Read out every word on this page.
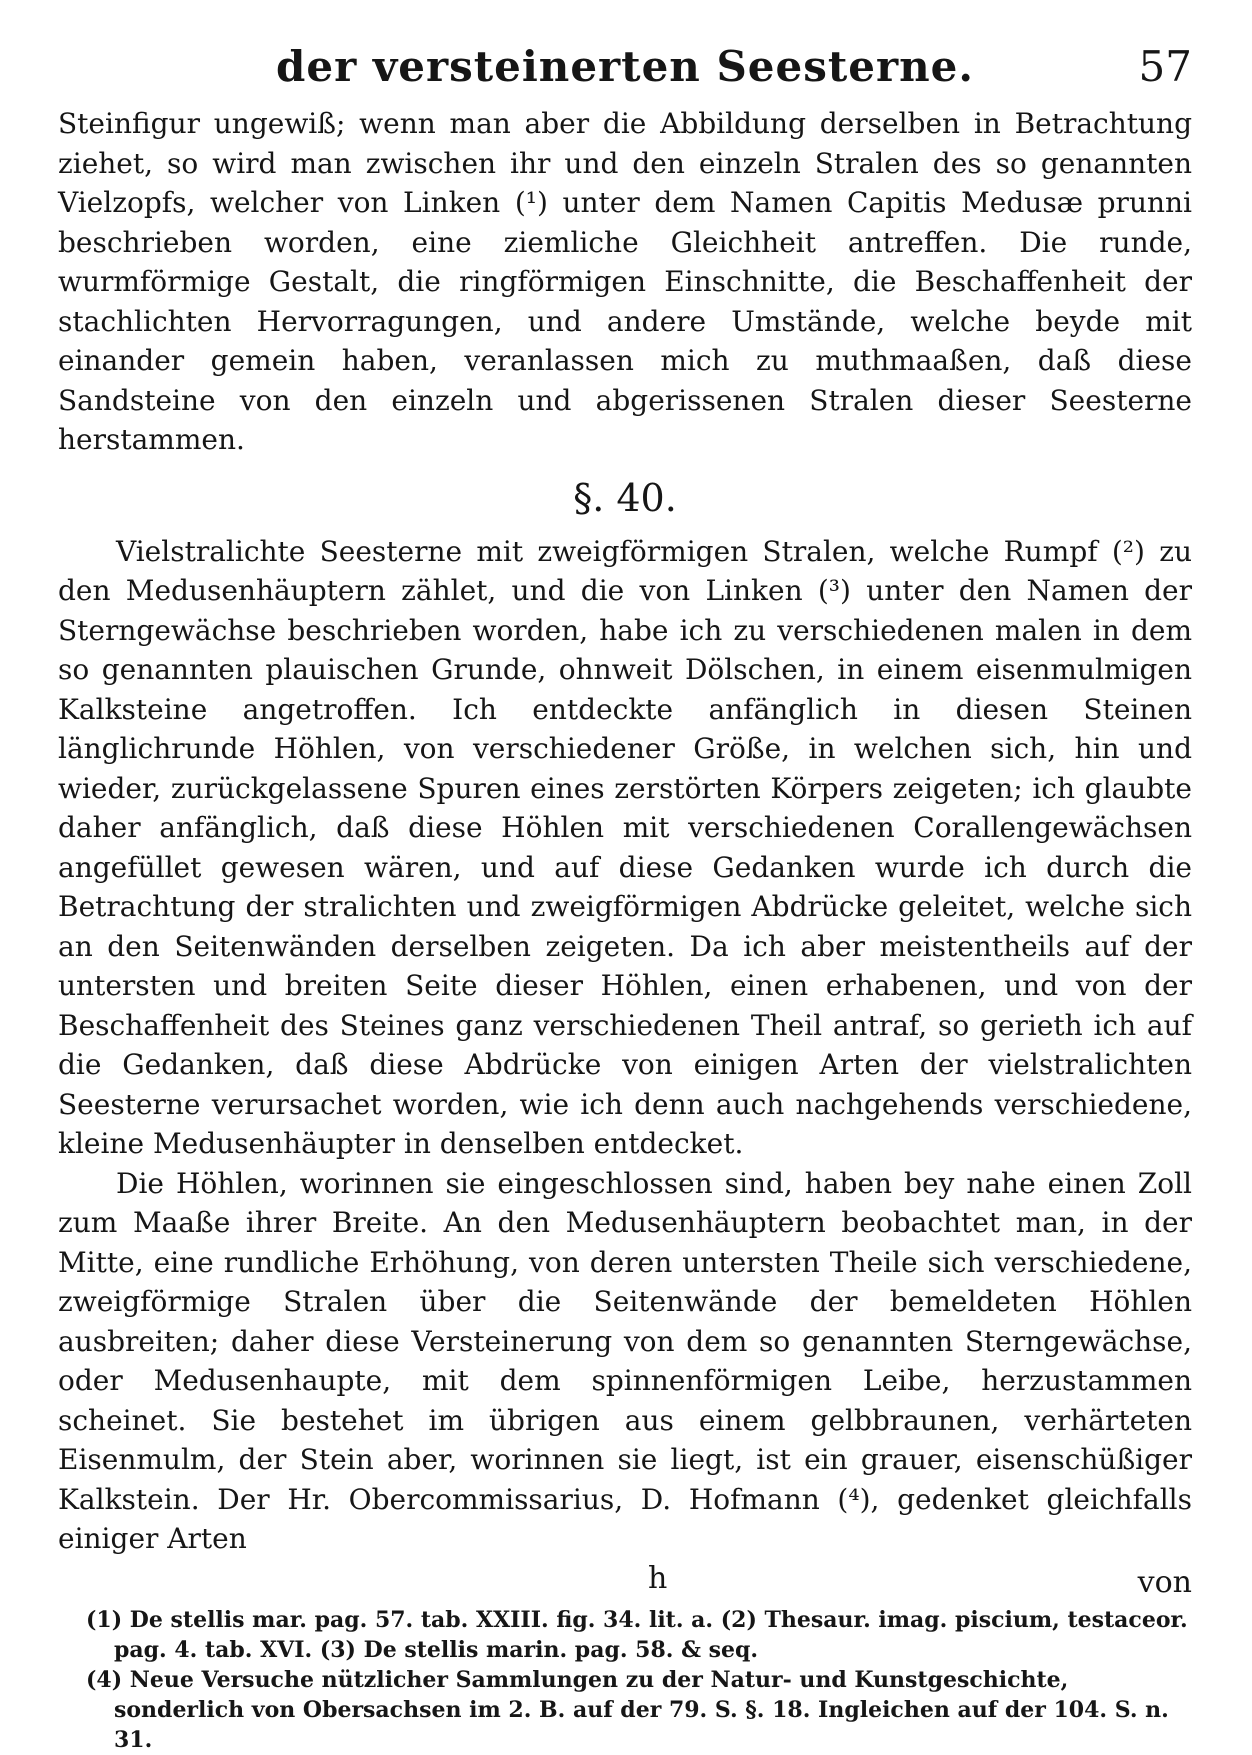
der versteinerten Seesterne.	57

Steinfigur ungewiß; wenn man aber die Abbildung derselben in Betrachtung ziehet, so wird man zwischen ihr und den einzeln Stralen des so genannten Vielzopfs, welcher von Linken (¹) unter dem Namen Capitis Medusæ prunni beschrieben worden, eine ziemliche Gleichheit antreffen. Die runde, wurmförmige Gestalt, die ringförmigen Einschnitte, die Beschaffenheit der stachlichten Hervorragungen, und andere Umstände, welche beyde mit einander gemein haben, veranlassen mich zu muthmaaßen, daß diese Sandsteine von den einzeln und abgerissenen Stralen dieser Seesterne herstammen.

§. 40.

Vielstralichte Seesterne mit zweigförmigen Stralen, welche Rumpf (²) zu den Medusenhäuptern zählet, und die von Linken (³) unter den Namen der Sterngewächse beschrieben worden, habe ich zu verschiedenen malen in dem so genannten plauischen Grunde, ohnweit Dölschen, in einem eisenmulmigen Kalksteine angetroffen. Ich entdeckte anfänglich in diesen Steinen länglichrunde Höhlen, von verschiedener Größe, in welchen sich, hin und wieder, zurückgelassene Spuren eines zerstörten Körpers zeigeten; ich glaubte daher anfänglich, daß diese Höhlen mit verschiedenen Corallengewächsen angefüllet gewesen wären, und auf diese Gedanken wurde ich durch die Betrachtung der stralichten und zweigförmigen Abdrücke geleitet, welche sich an den Seitenwänden derselben zeigeten. Da ich aber meistentheils auf der untersten und breiten Seite dieser Höhlen, einen erhabenen, und von der Beschaffenheit des Steines ganz verschiedenen Theil antraf, so gerieth ich auf die Gedanken, daß diese Abdrücke von einigen Arten der vielstralichten Seesterne verursachet worden, wie ich denn auch nachgehends verschiedene, kleine Medusenhäupter in denselben entdecket.

Die Höhlen, worinnen sie eingeschlossen sind, haben bey nahe einen Zoll zum Maaße ihrer Breite. An den Medusenhäuptern beobachtet man, in der Mitte, eine rundliche Erhöhung, von deren untersten Theile sich verschiedene, zweigförmige Stralen über die Seitenwände der bemeldeten Höhlen ausbreiten; daher diese Versteinerung von dem so genannten Sterngewächse, oder Medusenhaupte, mit dem spinnenförmigen Leibe, herzustammen scheinet. Sie bestehet im übrigen aus einem gelbbraunen, verhärteten Eisenmulm, der Stein aber, worinnen sie liegt, ist ein grauer, eisenschüßiger Kalkstein. Der Hr. Obercommissarius, D. Hofmann (⁴), gedenket gleichfalls einiger Arten

h	von

(1) De stellis mar. pag. 57. tab. XXIII. fig. 34. lit. a. (2) Thesaur. imag. piscium, testaceor. pag. 4. tab. XVI. (3) De stellis marin. pag. 58. & seq.

(4) Neue Versuche nützlicher Sammlungen zu der Natur- und Kunstgeschichte, sonderlich von Obersachsen im 2. B. auf der 79. S. §. 18. Ingleichen auf der 104. S. n. 31.
